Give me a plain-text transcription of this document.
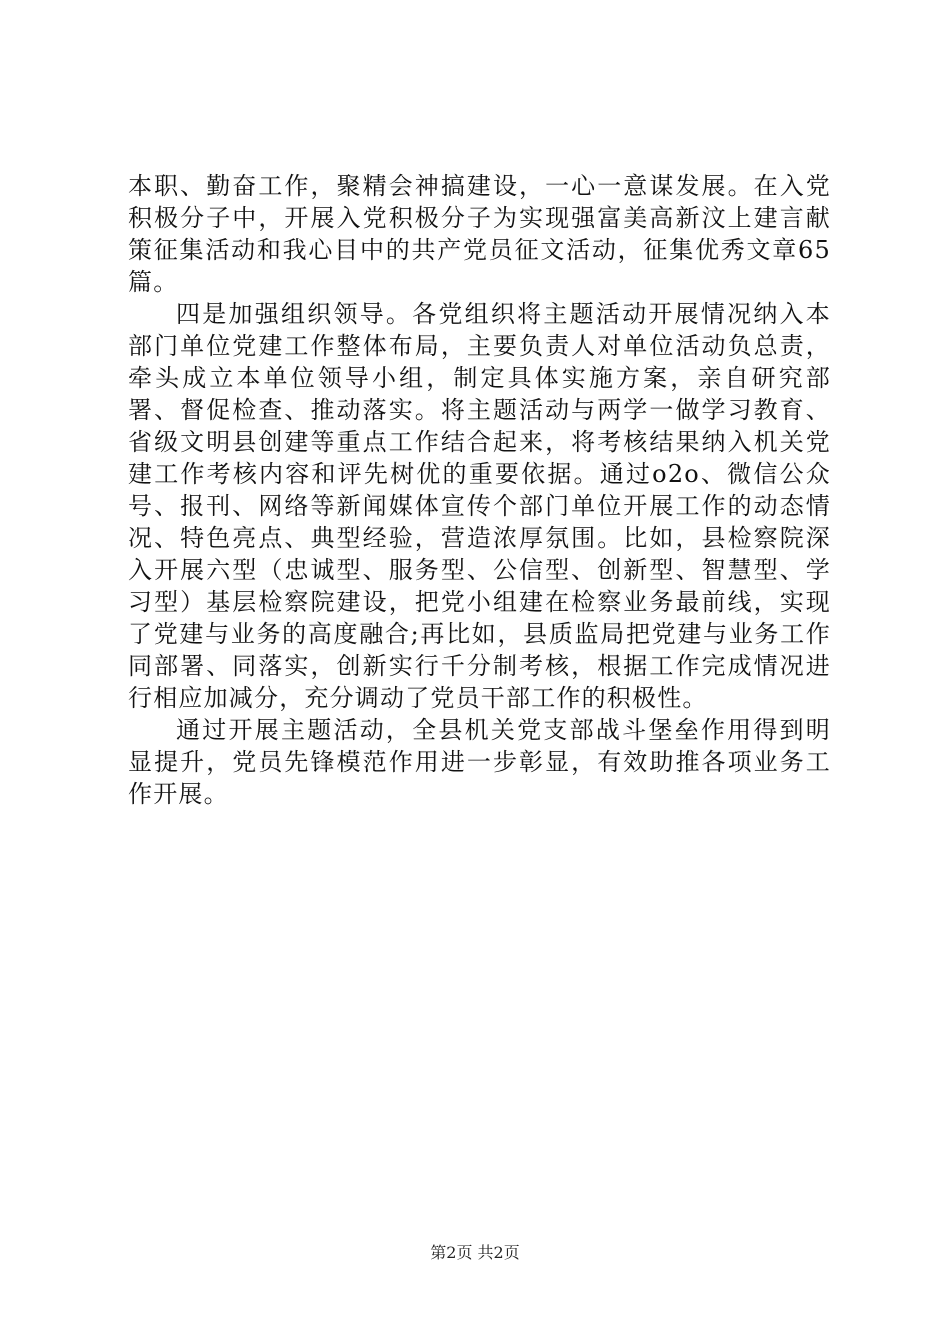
本职、勤奋工作，聚精会神搞建设，一心一意谋发展。在入党积极分子中，开展入党积极分子为实现强富美高新汶上建言献策征集活动和我心目中的共产党员征文活动，征集优秀文章65篇。

四是加强组织领导。各党组织将主题活动开展情况纳入本部门单位党建工作整体布局，主要负责人对单位活动负总责，牵头成立本单位领导小组，制定具体实施方案，亲自研究部署、督促检查、推动落实。将主题活动与两学一做学习教育、省级文明县创建等重点工作结合起来，将考核结果纳入机关党建工作考核内容和评先树优的重要依据。通过o2o、微信公众号、报刊、网络等新闻媒体宣传个部门单位开展工作的动态情况、特色亮点、典型经验，营造浓厚氛围。比如，县检察院深入开展六型（忠诚型、服务型、公信型、创新型、智慧型、学习型）基层检察院建设，把党小组建在检察业务最前线，实现了党建与业务的高度融合;再比如，县质监局把党建与业务工作同部署、同落实，创新实行千分制考核，根据工作完成情况进行相应加减分，充分调动了党员干部工作的积极性。

通过开展主题活动，全县机关党支部战斗堡垒作用得到明显提升，党员先锋模范作用进一步彰显，有效助推各项业务工作开展。

第2页 共2页
